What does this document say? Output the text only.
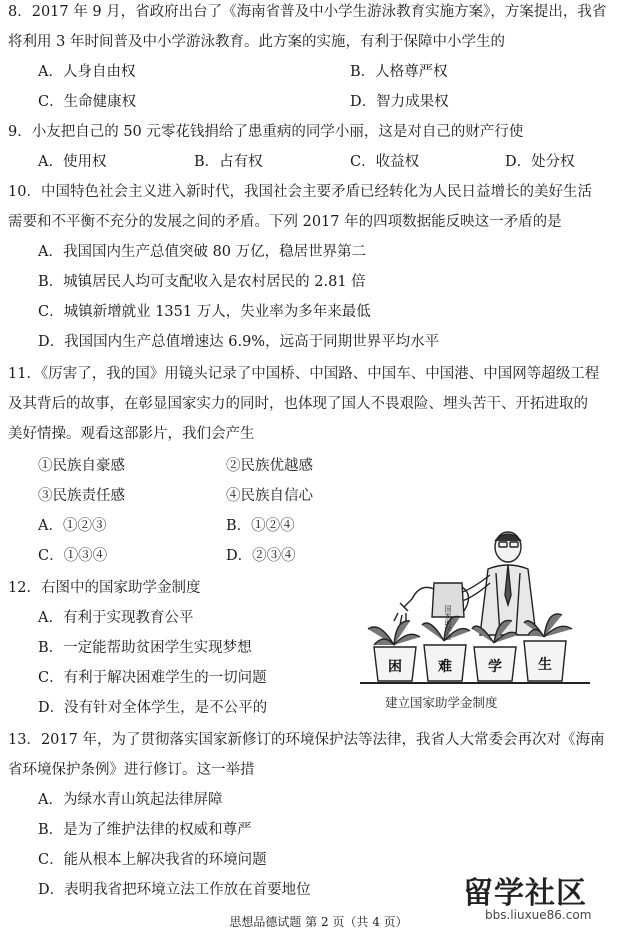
8．2017 年 9 月，省政府出台了《海南省普及中小学生游泳教育实施方案》，方案提出，我省
将利用 3 年时间普及中小学游泳教育。此方案的实施，有利于保障中小学生的
A．人身自由权	B．人格尊严权
C．生命健康权	D．智力成果权
9．小友把自己的 50 元零花钱捐给了患重病的同学小丽，这是对自己的财产行使
A．使用权	B．占有权	C．收益权	D．处分权
10．中国特色社会主义进入新时代，我国社会主要矛盾已经转化为人民日益增长的美好生活
需要和不平衡不充分的发展之间的矛盾。下列 2017 年的四项数据能反映这一矛盾的是
A．我国国内生产总值突破 80 万亿，稳居世界第二
B．城镇居民人均可支配收入是农村居民的 2.81 倍
C．城镇新增就业 1351 万人，失业率为多年来最低
D．我国国内生产总值增速达 6.9%，远高于同期世界平均水平
11．《厉害了，我的国》用镜头记录了中国桥、中国路、中国车、中国港、中国网等超级工程
及其背后的故事，在彰显国家实力的同时，也体现了国人不畏艰险、埋头苦干、开拓进取的
美好情操。观看这部影片，我们会产生
①民族自豪感	②民族优越感
③民族责任感	④民族自信心
A．①②③	B．①②④
C．①③④	D．②③④
12．右图中的国家助学金制度
A．有利于实现教育公平
B．一定能帮助贫困学生实现梦想
C．有利于解决困难学生的一切问题
D．没有针对全体学生，是不公平的
国家助学金
困	难	学	生
建立国家助学金制度
13．2017 年，为了贯彻落实国家新修订的环境保护法等法律，我省人大常委会再次对《海南
省环境保护条例》进行修订。这一举措
A．为绿水青山筑起法律屏障
B．是为了维护法律的权威和尊严
C．能从根本上解决我省的环境问题
D．表明我省把环境立法工作放在首要地位	留学社区
bbs.liuxue86.com
思想品德试题 第 2 页（共 4 页）
